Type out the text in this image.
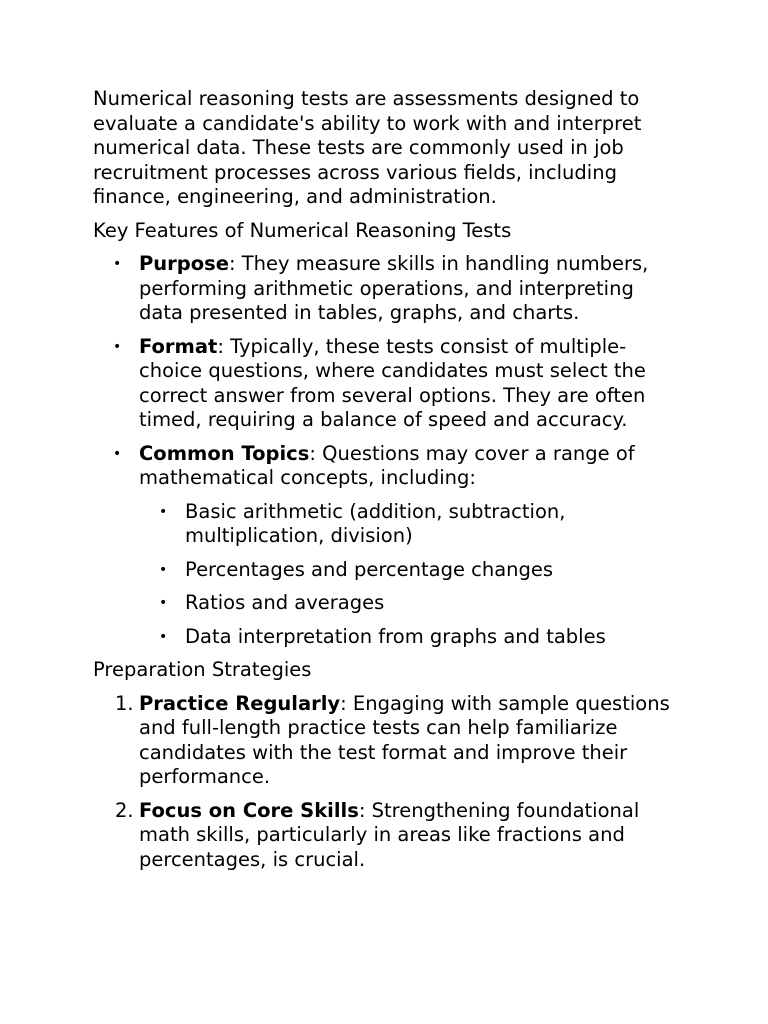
Numerical reasoning tests are assessments designed to evaluate a candidate's ability to work with and interpret numerical data. These tests are commonly used in job recruitment processes across various fields, including finance, engineering, and administration.

Key Features of Numerical Reasoning Tests

• Purpose: They measure skills in handling numbers, performing arithmetic operations, and interpreting data presented in tables, graphs, and charts.
• Format: Typically, these tests consist of multiple-choice questions, where candidates must select the correct answer from several options. They are often timed, requiring a balance of speed and accuracy.
• Common Topics: Questions may cover a range of mathematical concepts, including:
• Basic arithmetic (addition, subtraction, multiplication, division)
• Percentages and percentage changes
• Ratios and averages
• Data interpretation from graphs and tables

Preparation Strategies

1. Practice Regularly: Engaging with sample questions and full-length practice tests can help familiarize candidates with the test format and improve their performance.
2. Focus on Core Skills: Strengthening foundational math skills, particularly in areas like fractions and percentages, is crucial.
